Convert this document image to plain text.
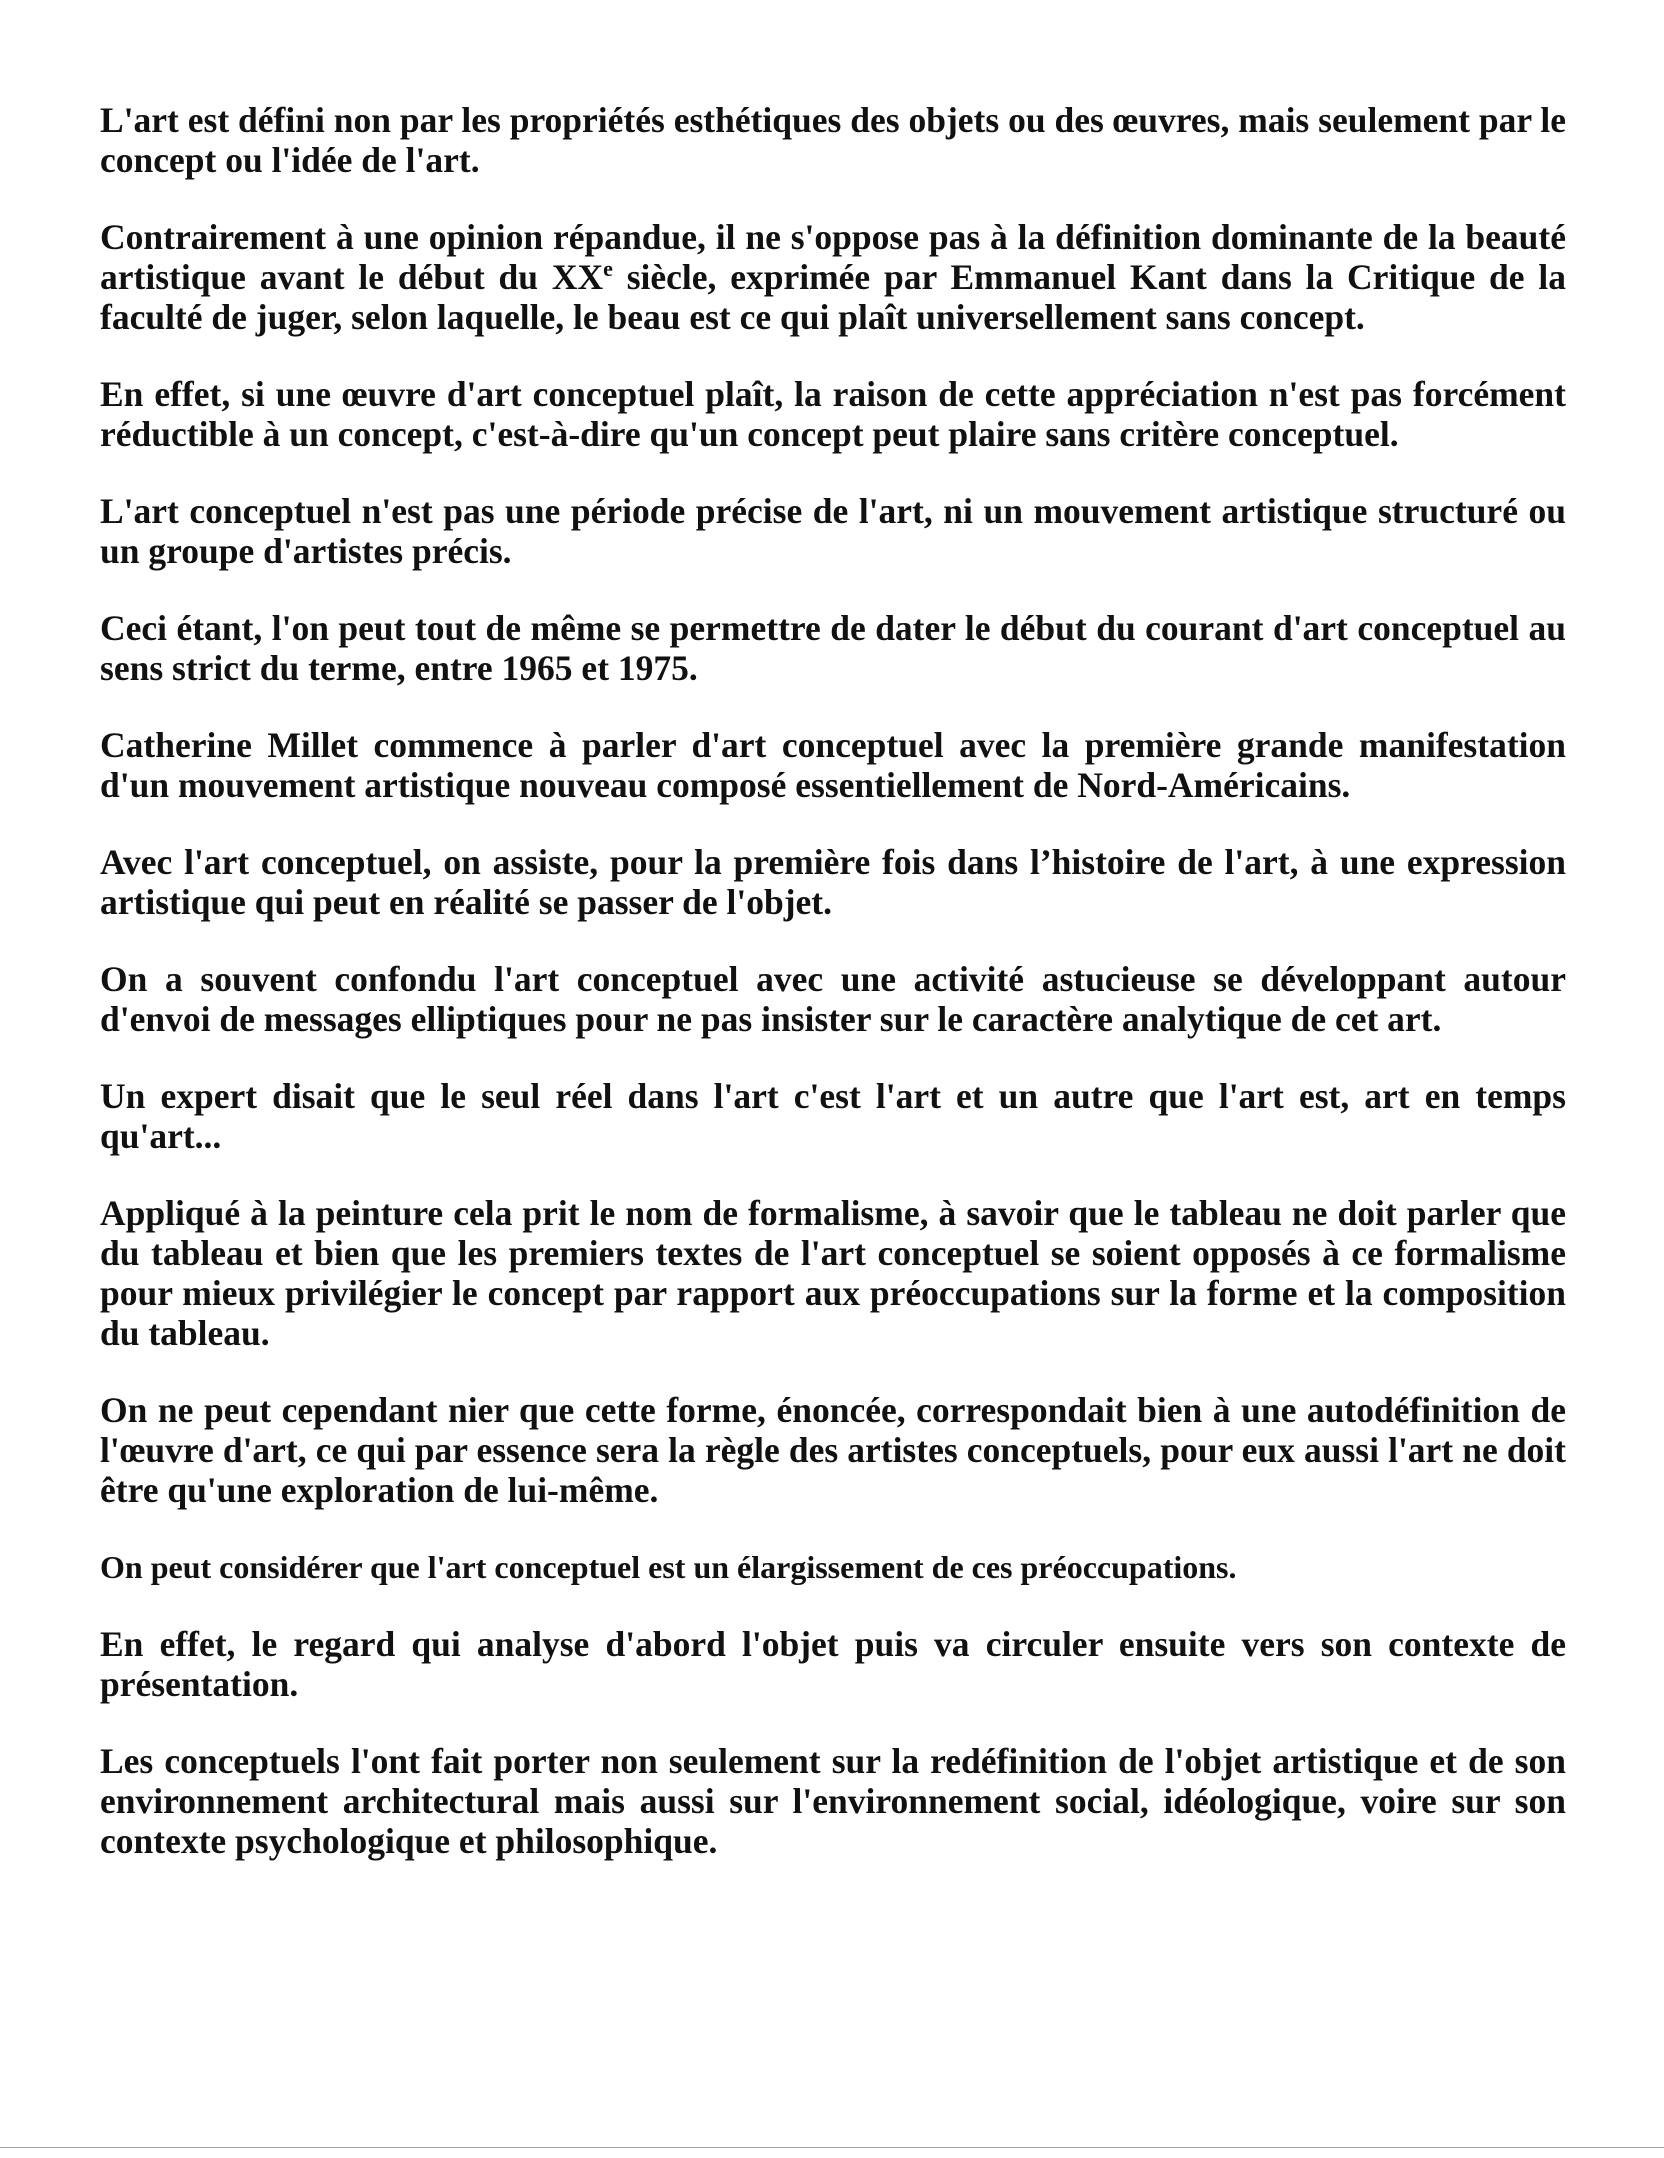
L'art est défini non par les propriétés esthétiques des objets ou des œuvres, mais seulement par le concept ou l'idée de l'art.

Contrairement à une opinion répandue, il ne s'oppose pas à la définition dominante de la beauté artistique avant le début du XXe siècle, exprimée par Emmanuel Kant dans la Critique de la faculté de juger, selon laquelle, le beau est ce qui plaît universellement sans concept.

En effet, si une œuvre d'art conceptuel plaît, la raison de cette appréciation n'est pas forcément réductible à un concept, c'est-à-dire qu'un concept peut plaire sans critère conceptuel.

L'art conceptuel n'est pas une période précise de l'art, ni un mouvement artistique structuré ou un groupe d'artistes précis.

Ceci étant, l'on peut tout de même se permettre de dater le début du courant d'art conceptuel au sens strict du terme, entre 1965 et 1975.

Catherine Millet commence à parler d'art conceptuel avec la première grande manifestation d'un mouvement artistique nouveau composé essentiellement de Nord-Américains.

Avec l'art conceptuel, on assiste, pour la première fois dans l’histoire de l'art, à une expression artistique qui peut en réalité se passer de l'objet.

On a souvent confondu l'art conceptuel avec une activité astucieuse se développant autour d'envoi de messages elliptiques pour ne pas insister sur le caractère analytique de cet art.

Un expert disait que le seul réel dans l'art c'est l'art et un autre que l'art est, art en temps qu'art...

Appliqué à la peinture cela prit le nom de formalisme, à savoir que le tableau ne doit parler que du tableau et bien que les premiers textes de l'art conceptuel se soient opposés à ce formalisme pour mieux privilégier le concept par rapport aux préoccupations sur la forme et la composition du tableau.

On ne peut cependant nier que cette forme, énoncée, correspondait bien à une autodéfinition de l'œuvre d'art, ce qui par essence sera la règle des artistes conceptuels, pour eux aussi l'art ne doit être qu'une exploration de lui-même.

On peut considérer que l'art conceptuel est un élargissement de ces préoccupations.

En effet, le regard qui analyse d'abord l'objet puis va circuler ensuite vers son contexte de présentation.

Les conceptuels l'ont fait porter non seulement sur la redéfinition de l'objet artistique et de son environnement architectural mais aussi sur l'environnement social, idéologique, voire sur son contexte psychologique et philosophique.
